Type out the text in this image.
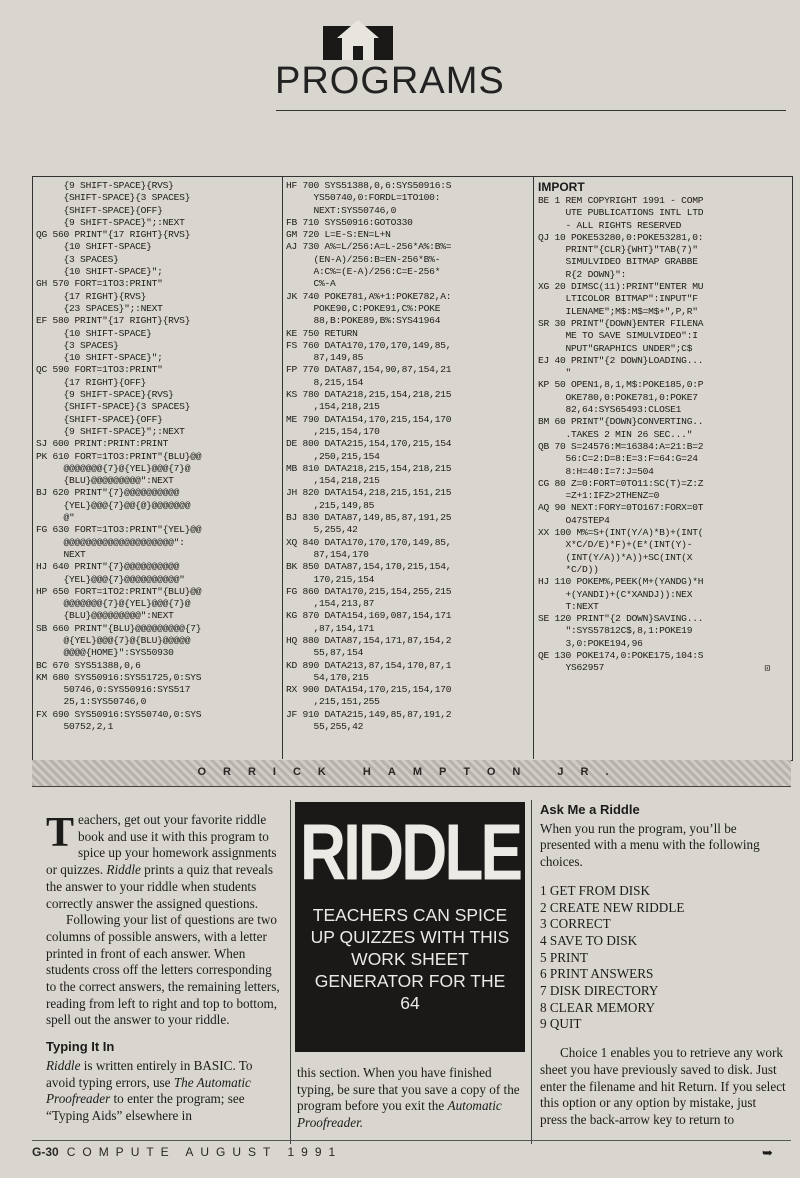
PROGRAMS
{9 SHIFT-SPACE}{RVS}
{SHIFT-SPACE}{3 SPACES}
{SHIFT-SPACE}{OFF}
{9 SHIFT-SPACE}";:NEXT
QG 560 PRINT"{17 RIGHT}{RVS}
{10 SHIFT-SPACE}
{3 SPACES}
{10 SHIFT-SPACE}";
GH 570 FORT=1TO3:PRINT"
{17 RIGHT}{RVS}
{23 SPACES}";:NEXT
EF 580 PRINT"{17 RIGHT}{RVS}
{10 SHIFT-SPACE}
{3 SPACES}
{10 SHIFT-SPACE}";
QC 590 FORT=1TO3:PRINT"
{17 RIGHT}{OFF}
{9 SHIFT-SPACE}{RVS}
{SHIFT-SPACE}{3 SPACES}
{SHIFT-SPACE}{OFF}
{9 SHIFT-SPACE}";:NEXT
SJ 600 PRINT:PRINT:PRINT
PK 610 FORT=1TO3:PRINT"{BLU}@@
@@@@@@@{7}@{YEL}@@@{7}@
{BLU}@@@@@@@@@":NEXT
BJ 620 PRINT"{7}@@@@@@@@@@
{YEL}@@@{7}@@{@}@@@@@@@
@"
FG 630 FORT=1TO3:PRINT"{YEL}@@
@@@@@@@@@@@@@@@@@@@@":
NEXT
HJ 640 PRINT"{7}@@@@@@@@@@
{YEL}@@@{7}@@@@@@@@@@"
HP 650 FORT=1TO2:PRINT"{BLU}@@
@@@@@@@{7}@{YEL}@@@{7}@
{BLU}@@@@@@@@@":NEXT
SB 660 PRINT"{BLU}@@@@@@@@@{7}
@{YEL}@@@{7}@{BLU}@@@@@
@@@@{HOME}":SYS50930
BC 670 SYS51388,0,6
KM 680 SYS50916:SYS51725,0:SYS
50746,0:SYS50916:SYS517
25,1:SYS50746,0
FX 690 SYS50916:SYS50740,0:SYS
50752,2,1
HF 700 SYS51388,0,6:SYS50916:S
YS50740,0:FORDL=1TO100:
NEXT:SYS50746,0
FB 710 SYS50916:GOTO330
GM 720 L=E-S:EN=L+N
AJ 730 A%=L/256:A=L-256*A%:B%=
(EN-A)/256:B=EN-256*B%-
A:C%=(E-A)/256:C=E-256*
C%-A
JK 740 POKE781,A%+1:POKE782,A:
POKE90,C:POKE91,C%:POKE
88,B:POKE89,B%:SYS41964
KE 750 RETURN
FS 760 DATA170,170,170,149,85,
87,149,85
FP 770 DATA87,154,90,87,154,21
8,215,154
KS 780 DATA218,215,154,218,215
,154,218,215
ME 790 DATA154,170,215,154,170
,215,154,170
DE 800 DATA215,154,170,215,154
,250,215,154
MB 810 DATA218,215,154,218,215
,154,218,215
JH 820 DATA154,218,215,151,215
,215,149,85
BJ 830 DATA87,149,85,87,191,25
5,255,42
XQ 840 DATA170,170,170,149,85,
87,154,170
BK 850 DATA87,154,170,215,154,
170,215,154
FG 860 DATA170,215,154,255,215
,154,213,87
KG 870 DATA154,169,087,154,171
,87,154,171
HQ 880 DATA87,154,171,87,154,2
55,87,154
KD 890 DATA213,87,154,170,87,1
54,170,215
RX 900 DATA154,170,215,154,170
,215,151,255
JF 910 DATA215,149,85,87,191,2
55,255,42
IMPORT
BE 1 REM COPYRIGHT 1991 - COMP
UTE PUBLICATIONS INTL LTD
- ALL RIGHTS RESERVED
QJ 10 POKE53280,0:POKE53281,0:
PRINT"{CLR}{WHT}"TAB(7)"
SIMULVIDEO BITMAP GRABBE
R{2 DOWN}":
XG 20 DIMSC(11):PRINT"ENTER MU
LTICOLOR BITMAP":INPUT"F
ILENAME";M$:M$=M$+",P,R"
SR 30 PRINT"{DOWN}ENTER FILENA
ME TO SAVE SIMULVIDEO":I
NPUT"GRAPHICS UNDER";C$
EJ 40 PRINT"{2 DOWN}LOADING...
"
KP 50 OPEN1,8,1,M$:POKE185,0:P
OKE780,0:POKE781,0:POKE7
82,64:SYS65493:CLOSE1
BM 60 PRINT"{DOWN}CONVERTING..
.TAKES 2 MIN 26 SEC..."
QB 70 S=24576:M=16384:A=21:B=2
56:C=2:D=8:E=3:F=64:G=24
8:H=40:I=7:J=504
CG 80 Z=0:FORT=0TO11:SC(T)=Z:Z
=Z+1:IFZ>2THENZ=0
AQ 90 NEXT:FORY=0TO167:FORX=0T
O47STEP4
XX 100 M%=S+(INT(Y/A)*B)+(INT(
X*C/D/E)*F)+(E*(INT(Y)-
(INT(Y/A))*A))+SC(INT(X
*C/D))
HJ 110 POKEM%,PEEK(M+(YANDG)*H
+(YANDI)+(C*XANDJ)):NEX
T:NEXT
SE 120 PRINT"{2 DOWN}SAVING...
":SYS57812C$,8,1:POKE19
3,0:POKE194,96
QE 130 POKE174,0:POKE175,104:S
YS62957	⊡
ORRICK HAMPTON JR.
Teachers, get out your favorite riddle book and use it with this program to spice up your homework assignments or quizzes. Riddle prints a quiz that reveals the answer to your riddle when students correctly answer the assigned questions.
Following your list of questions are two columns of possible answers, with a letter printed in front of each answer. When students cross off the letters corresponding to the correct answers, the remaining letters, reading from left to right and top to bottom, spell out the answer to your riddle.
Typing It In
Riddle is written entirely in BASIC. To avoid typing errors, use The Automatic Proofreader to enter the program; see “Typing Aids” elsewhere in
RIDDLE
TEACHERS CAN SPICE UP QUIZZES WITH THIS WORK SHEET GENERATOR FOR THE 64
this section. When you have finished typing, be sure that you save a copy of the program before you exit the Automatic Proofreader.
Ask Me a Riddle
When you run the program, you’ll be presented with a menu with the following choices.
1 GET FROM DISK
2 CREATE NEW RIDDLE
3 CORRECT
4 SAVE TO DISK
5 PRINT
6 PRINT ANSWERS
7 DISK DIRECTORY
8 CLEAR MEMORY
9 QUIT
Choice 1 enables you to retrieve any work sheet you have previously saved to disk. Just enter the filename and hit Return. If you select this option or any option by mistake, just press the back-arrow key to return to
G-30 COMPUTE AUGUST 1991	➥
